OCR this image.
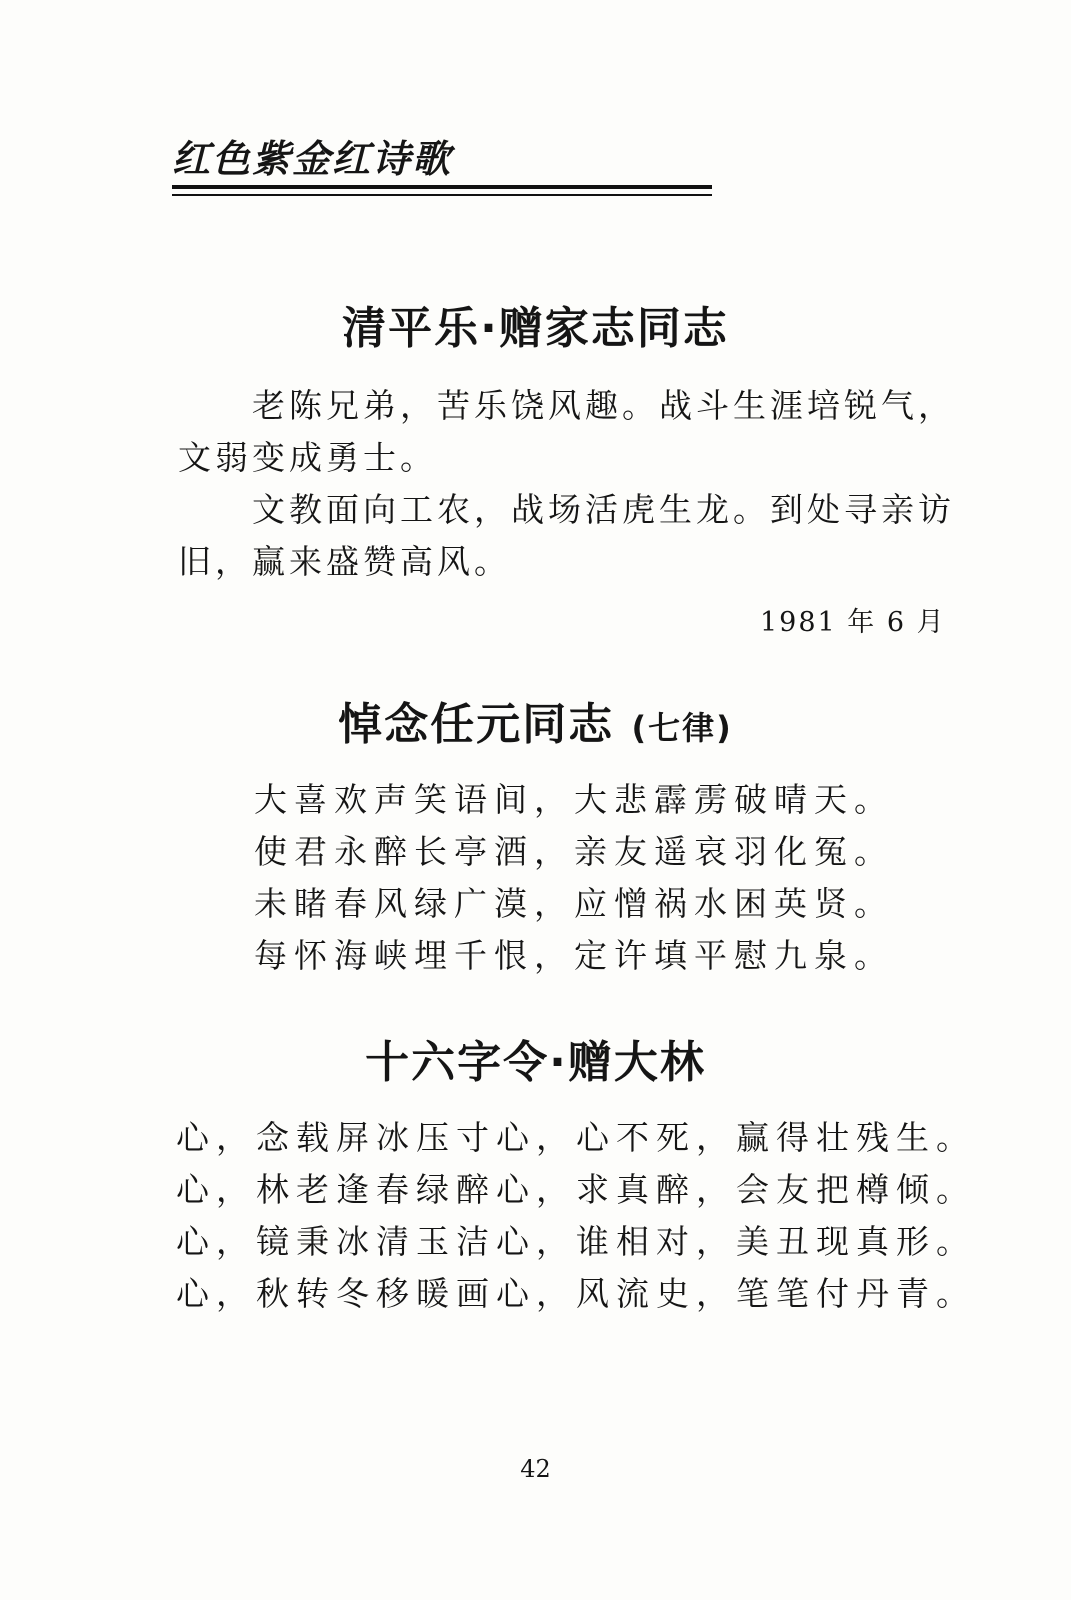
红色紫金红诗歌
清平乐·赠家志同志

老陈兄弟，苦乐饶风趣。战斗生涯培锐气，文弱变成勇士。

文教面向工农，战场活虎生龙。到处寻亲访旧，赢来盛赞高风。

1981 年 6 月
悼念任元同志 (七律)

大喜欢声笑语间，大悲霹雳破晴天。

使君永醉长亭酒，亲友遥哀羽化冤。

未睹春风绿广漠，应憎祸水困英贤。

每怀海峡埋千恨，定许填平慰九泉。

十六字令·赠大林

心，念载屏冰压寸心，心不死，赢得壮残生。

心，林老逢春绿醉心，求真醉，会友把樽倾。

心，镜秉冰清玉洁心，谁相对，美丑现真形。

心，秋转冬移暖画心，风流史，笔笔付丹青。

42
